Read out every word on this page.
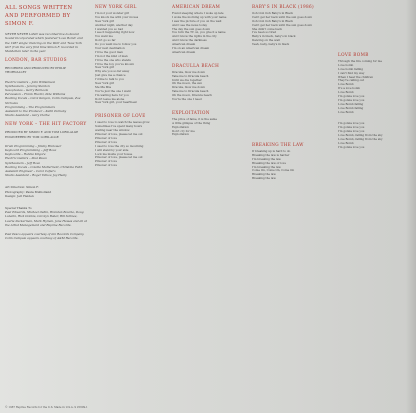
ALL SONGS WRITTEN AND PERFORMED BY SIMON F.
NEVER NEVER LAND was recorded live-to-Sound Sound Incorporated which featured 'Love Bomb' and the 1987 single 'Dancing on the Wall' and 'New York Girl' from the very first time Simon F. recorded in Manhattan later in the year.
LONDON, BAR STUDIOS
RECORDED AND PRODUCED BY PHILIP THORNALLEY
Electric Guitars – John Williamson
Synthesizers – Jeremy Stanton
Saxophones – Gerry Barnacle
Percussion – Frank Ricotti, Pete Williams
Backing Vocals – Carol Kenyon, Colin Campsie, Zoe Nicholas
Programming – The Programmers
Assistant to the Producer – Keith Parnaby
Studio Assistant – Gary Clarke
NEW YORK – THE HIT FACTORY
PRODUCED BY SIMON F. AND TOM LORD-ALGE
ENGINEERED BY TOM LORD-ALGE
Drum Programming – Jimmy Bralower
Keyboard Programming – Jeff Bova
Keyboards – Robbie Kilgore
Electric Guitars – Paul Pesco
Synthesizers – Jeff Bova
Backing Vocals – Colette McDermott, Christine Faith
Assistant Engineer – Carol Cafiero
Studio Assistant – Roger Talkov, Jay Healy
Art Direction: Simon F.
Photography: Paula Mulholland
Design: Jeri Heiden
Special Thanks To
Paul Edwards, Michael Oshin, Brendan Bourke, Doug Lubahn, Rick Dobbis, Carolyn Baker, Bill Schnee, Laurie Zuckerman, Mark Hyman, Jane Hawes and all at the Artist Management and Reprise Records.
Paul Pesco appears courtesy of Ian Records Company. Colin Campsie appears courtesy of A&M Records.
© 1987 Reprise Records for the U.S. Made in U.S.A. 9 25609-1
NEW YORK GIRL
I'm not your wonder girl
You knock me with your moves
New York girl
Another night, another day
I wanted you so bad
I see it happening right now
You want me
Don't go so far
Do you want me to follow you
Your next destination
I'll be the good man
I'm not the kind of man
I'll be the one who stands
I'll be the boy you've known
New York girl
Why are you so far away
Just give me a chance
I'd like to talk to you
New York girl
Me Ma Mia
You're just the one I want
I'm waiting here for you
Don't leave me alone
New York girl, your heartbeat
PRISONER OF LOVE
I used to love to watch the leaves grow
Sometimes I've spent many hours
waiting near the window
Prisoner of love, please let me out
Prisoner of love
Prisoner of love
I used to love the city so mourning
I will stand by your side
Lock me inside your house
Prisoner of love, please let me out
Prisoner of love
Prisoner of love
AMERICAN DREAM
Found sleeping where I woke up late
I woke the morning up with your name
I saw the picture of you on the wall
And I see the news today
The day the sun goes down
You turn the TV on, you give it a name
And I know the lights in the city
And I know the darkness
American dream
I'm on an American dream
American dream
DRACULLA BEACH
Dracula, blow me down
Take me to Dracula beach
Until we die together
Oh the moon, the sun
Dracula, blow me down
Take me to Dracula beach
Oh the moon, Dracula beach
You're the one I need
EXPLOITATION
The price of fame, it is the same
A little glimpse of the thing
Exploitation
Don't cry for me
Exploitation
BABY'S IN BLACK (1986)
Ooh Ooh Ooh Baby's in Black
Can't get her back until the sun goes down
Ooh Ooh Ooh Baby's in Black
Can't get her back until the sun goes down
She didn't come back
I've been so tired
Baby's in black, baby's in black
Dancing on the wall
Yeah, baby, baby's in black
BREAKING THE LAW
If breaking up is hard to do
Breaking the law is harder
I'm breaking the law
Breaking the law of love
I'm breaking the law
Come On, Come On, Come On
Breaking the law
Breaking the law
LOVE BOMB
Through the fire coming for me
Love bomb
Love bomb falling
I can't find my way
When I hear the children
They're calling out
Love Bomb
It's a love bomb
Love Bomb
I'm gonna love you
I'm gonna love you
Love Bomb falling
Love Bomb falling
Love Bomb
I'm gonna love you
I'm gonna love you
I'm gonna love you
Love Bomb, falling from the sky
Love Bomb, falling from the sky
Love Bomb
I'm gonna love you
